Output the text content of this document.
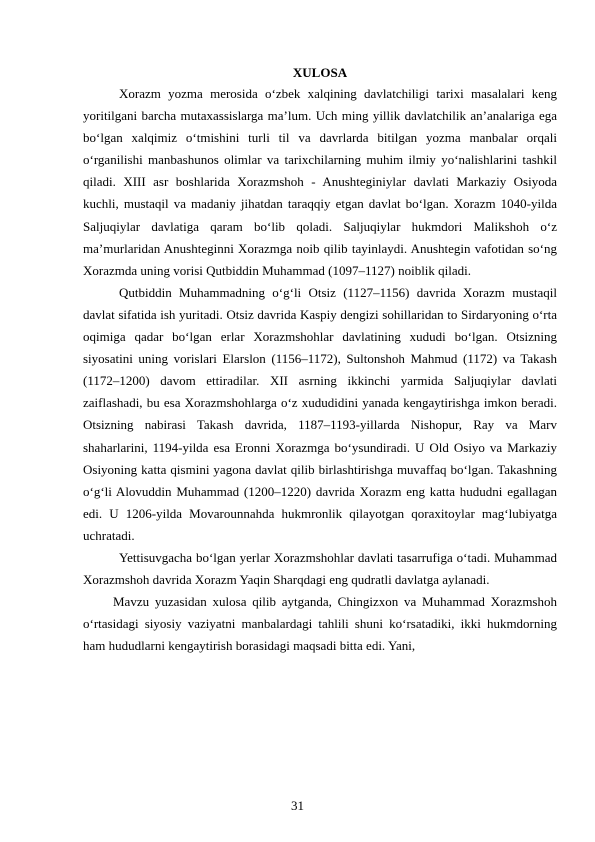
XULOSA

Xorazm yozma merosida o‘zbek xalqining davlatchiligi tarixi masalalari keng yoritilgani barcha mutaxassislarga ma’lum. Uch ming yillik davlatchilik an’analariga ega bo‘lgan xalqimiz o‘tmishini turli til va davrlarda bitilgan yozma manbalar orqali o‘rganilishi manbashunos olimlar va tarixchilarning muhim ilmiy yo‘nalishlarini tashkil qiladi. XIII asr boshlarida Xorazmshoh - Anushteginiylar davlati Markaziy Osiyoda kuchli, mustaqil va madaniy jihatdan taraqqiy etgan davlat bo‘lgan. Xorazm 1040-yilda Saljuqiylar davlatiga qaram bo‘lib qoladi. Saljuqiylar hukmdori Malikshoh o‘z ma’murlaridan Anushteginni Xorazmga noib qilib tayinlaydi. Anushtegin vafotidan so‘ng Xorazmda uning vorisi Qutbiddin Muhammad (1097–1127) noiblik qiladi.

Qutbiddin Muhammadning o‘g‘li Otsiz (1127–1156) davrida Xorazm mustaqil davlat sifatida ish yuritadi. Otsiz davrida Kaspiy dengizi sohillaridan to Sirdaryoning o‘rta oqimiga qadar bo‘lgan erlar Xorazmshohlar davlatining xududi bo‘lgan. Otsizning siyosatini uning vorislari Elarslon (1156–1172), Sultonshoh Mahmud (1172) va Takash (1172–1200) davom ettiradilar. XII asrning ikkinchi yarmida Saljuqiylar davlati zaiflashadi, bu esa Xorazmshohlarga o‘z xududidini yanada kengaytirishga imkon beradi. Otsizning nabirasi Takash davrida, 1187–1193-yillarda Nishopur, Ray va Marv shaharlarini, 1194-yilda esa Eronni Xorazmga bo‘ysundiradi. U Old Osiyo va Markaziy Osiyoning katta qismini yagona davlat qilib birlashtirishga muvaffaq bo‘lgan. Takashning o‘g‘li Alovuddin Muhammad (1200–1220) davrida Xorazm eng katta hududni egallagan edi. U 1206-yilda Movarounnahda hukmronlik qilayotgan qoraxitoylar mag‘lubiyatga uchratadi.

Yettisuvgacha bo‘lgan yerlar Xorazmshohlar davlati tasarrufiga o‘tadi. Muhammad Xorazmshoh davrida Xorazm Yaqin Sharqdagi eng qudratli davlatga aylanadi.

Mavzu yuzasidan xulosa qilib aytganda, Chingizxon va Muhammad Xorazmshoh o‘rtasidagi siyosiy vaziyatni manbalardagi tahlili shuni ko‘rsatadiki, ikki hukmdorning ham hududlarni kengaytirish borasidagi maqsadi bitta edi. Yani,

31
